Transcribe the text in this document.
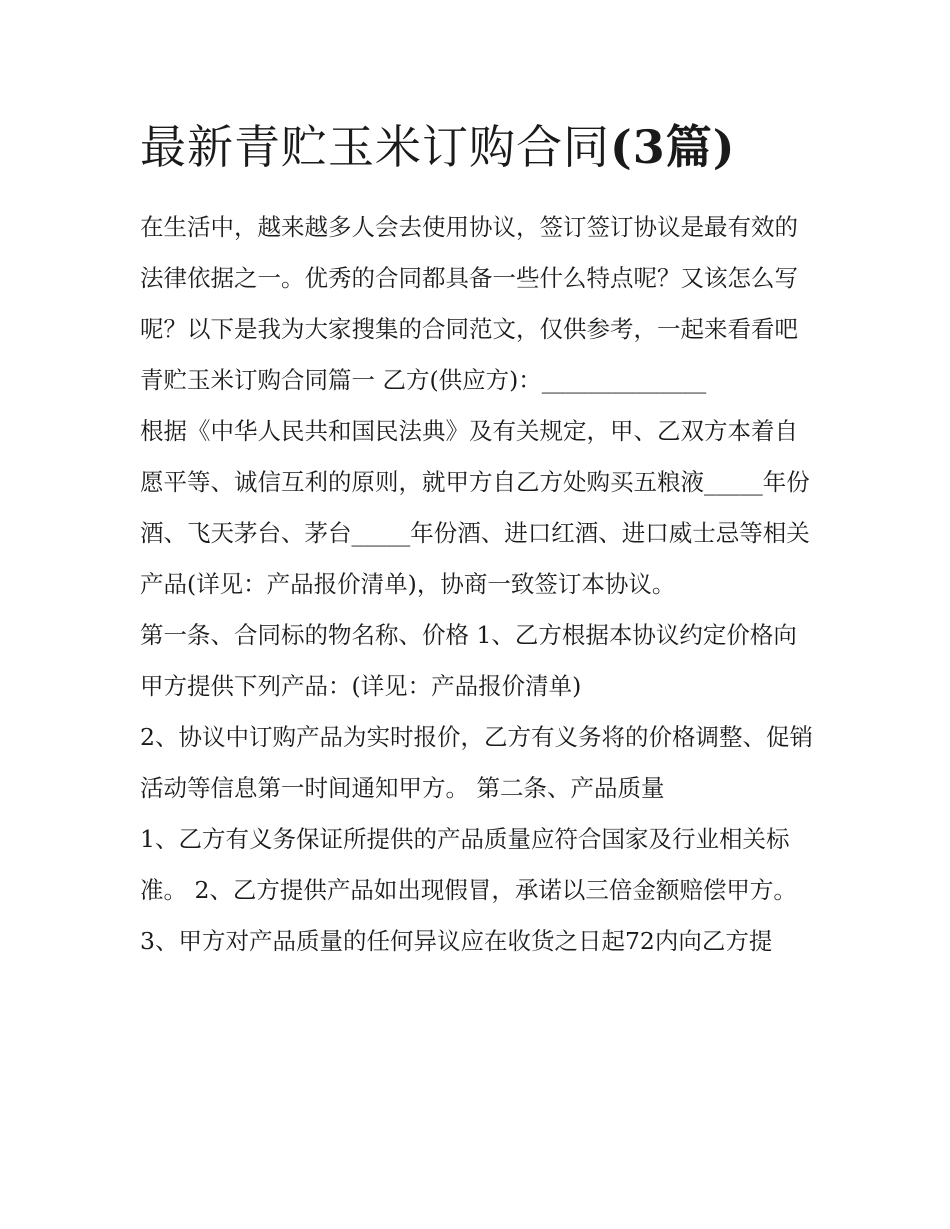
最新青贮玉米订购合同(3篇)

在生活中，越来越多人会去使用协议，签订签订协议是最有效的法律依据之一。优秀的合同都具备一些什么特点呢？又该怎么写呢？以下是我为大家搜集的合同范文，仅供参考，一起来看看吧

青贮玉米订购合同篇一 乙方(供应方)：______________

根据《中华人民共和国民法典》及有关规定，甲、乙双方本着自愿平等、诚信互利的原则，就甲方自乙方处购买五粮液_____年份酒、飞天茅台、茅台_____年份酒、进口红酒、进口威士忌等相关产品(详见：产品报价清单)，协商一致签订本协议。

第一条、合同标的物名称、价格 1、乙方根据本协议约定价格向甲方提供下列产品：(详见：产品报价清单)

2、协议中订购产品为实时报价，乙方有义务将的价格调整、促销活动等信息第一时间通知甲方。 第二条、产品质量

1、乙方有义务保证所提供的产品质量应符合国家及行业相关标准。 2、乙方提供产品如出现假冒，承诺以三倍金额赔偿甲方。

3、甲方对产品质量的任何异议应在收货之日起72内向乙方提
